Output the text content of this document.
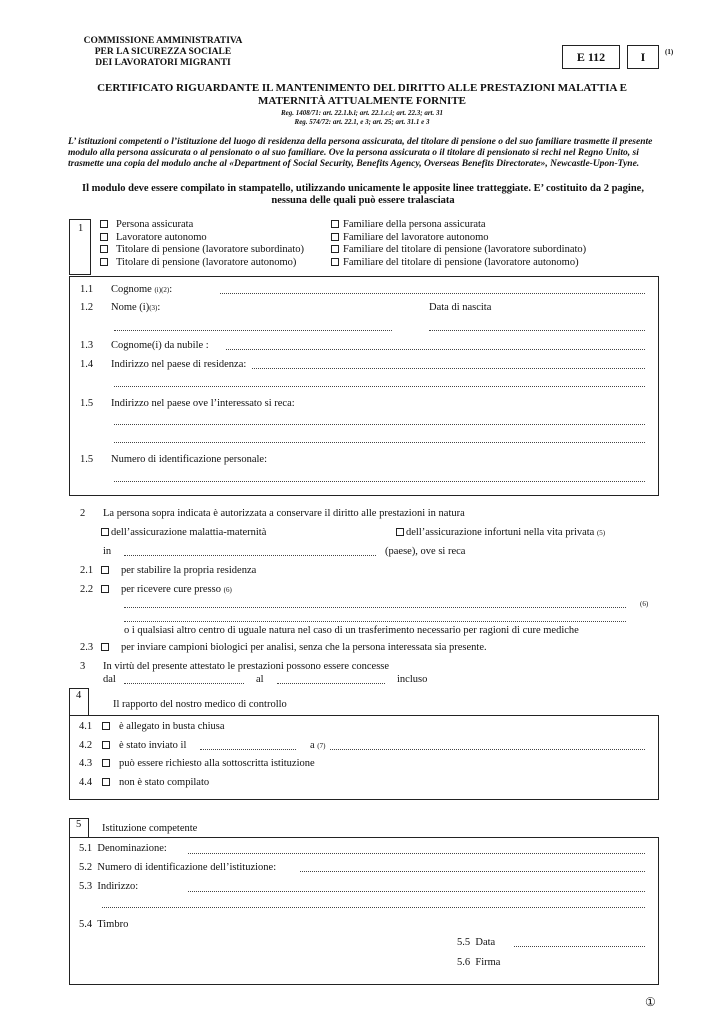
COMMISSIONE AMMINISTRATIVA
PER LA SICUREZZA SOCIALE
DEI LAVORATORI MIGRANTI	E 112	I	(1)
CERTIFICATO RIGUARDANTE IL MANTENIMENTO DEL DIRITTO ALLE PRESTAZIONI MALATTIA E
MATERNITÀ ATTUALMENTE FORNITE
Reg. 1408/71: art. 22.1.b.i; art. 22.1.c.i; art. 22.3; art. 31
Reg. 574/72: art. 22.1, e 3; art. 25; art. 31.1 e 3
L’ istituzioni competenti o l’istituzione del luogo di residenza della persona assicurata, del titolare di pensione o del suo familiare trasmette il presente modulo alla persona assicurata o al pensionato o al suo familiare. Ove la persona assicurata o il titolare di pensionato si rechi nel Regno Unito, si trasmette una copia del modulo anche al «Department of Social Security, Benefits Agency, Overseas Benefits Directorate», Newcastle-Upon-Tyne.
Il modulo deve essere compilato in stampatello, utilizzando unicamente le apposite linee tratteggiate. E’ costituito da 2 pagine, nessuna delle quali può essere tralasciata
1	Persona assicurata
Lavoratore autonomo
Titolare di pensione (lavoratore subordinato)
Titolare di pensione (lavoratore autonomo)
Familiare della persona assicurata
Familiare del lavoratore autonomo
Familiare del titolare di pensione (lavoratore subordinato)
Familiare del titolare di pensione (lavoratore autonomo)
1.1 Cognome (i)(2):
1.2 Nome (i)(3):	Data di nascita
1.3 Cognome(i) da nubile :
1.4 Indirizzo nel paese di residenza:
1.5 Indirizzo nel paese ove l’interessato si reca:
1.5 Numero di identificazione personale:
2 La persona sopra indicata è autorizzata a conservare il diritto alle prestazioni in natura
dell’assicurazione malattia-maternità	dell’assicurazione infortuni nella vita privata (5)
in	(paese), ove si reca
2.1	per stabilire la propria residenza
2.2	per ricevere cure presso (6)
(6)
o i qualsiasi altro centro di uguale natura nel caso di un trasferimento necessario per ragioni di cure mediche
2.3	per inviare campioni biologici per analisi, senza che la persona interessata sia presente.
3 In virtù del presente attestato le prestazioni possono essere concesse
dal	al	incluso
4
Il rapporto del nostro medico di controllo
4.1	è allegato in busta chiusa
4.2	è stato inviato il	a (7)
4.3	può essere richiesto alla sottoscritta istituzione
4.4	non è stato compilato
5	Istituzione competente
5.1 Denominazione:
5.2 Numero di identificazione dell’istituzione:
5.3 Indirizzo:
5.4 Timbro
5.5 Data
5.6 Firma
①
